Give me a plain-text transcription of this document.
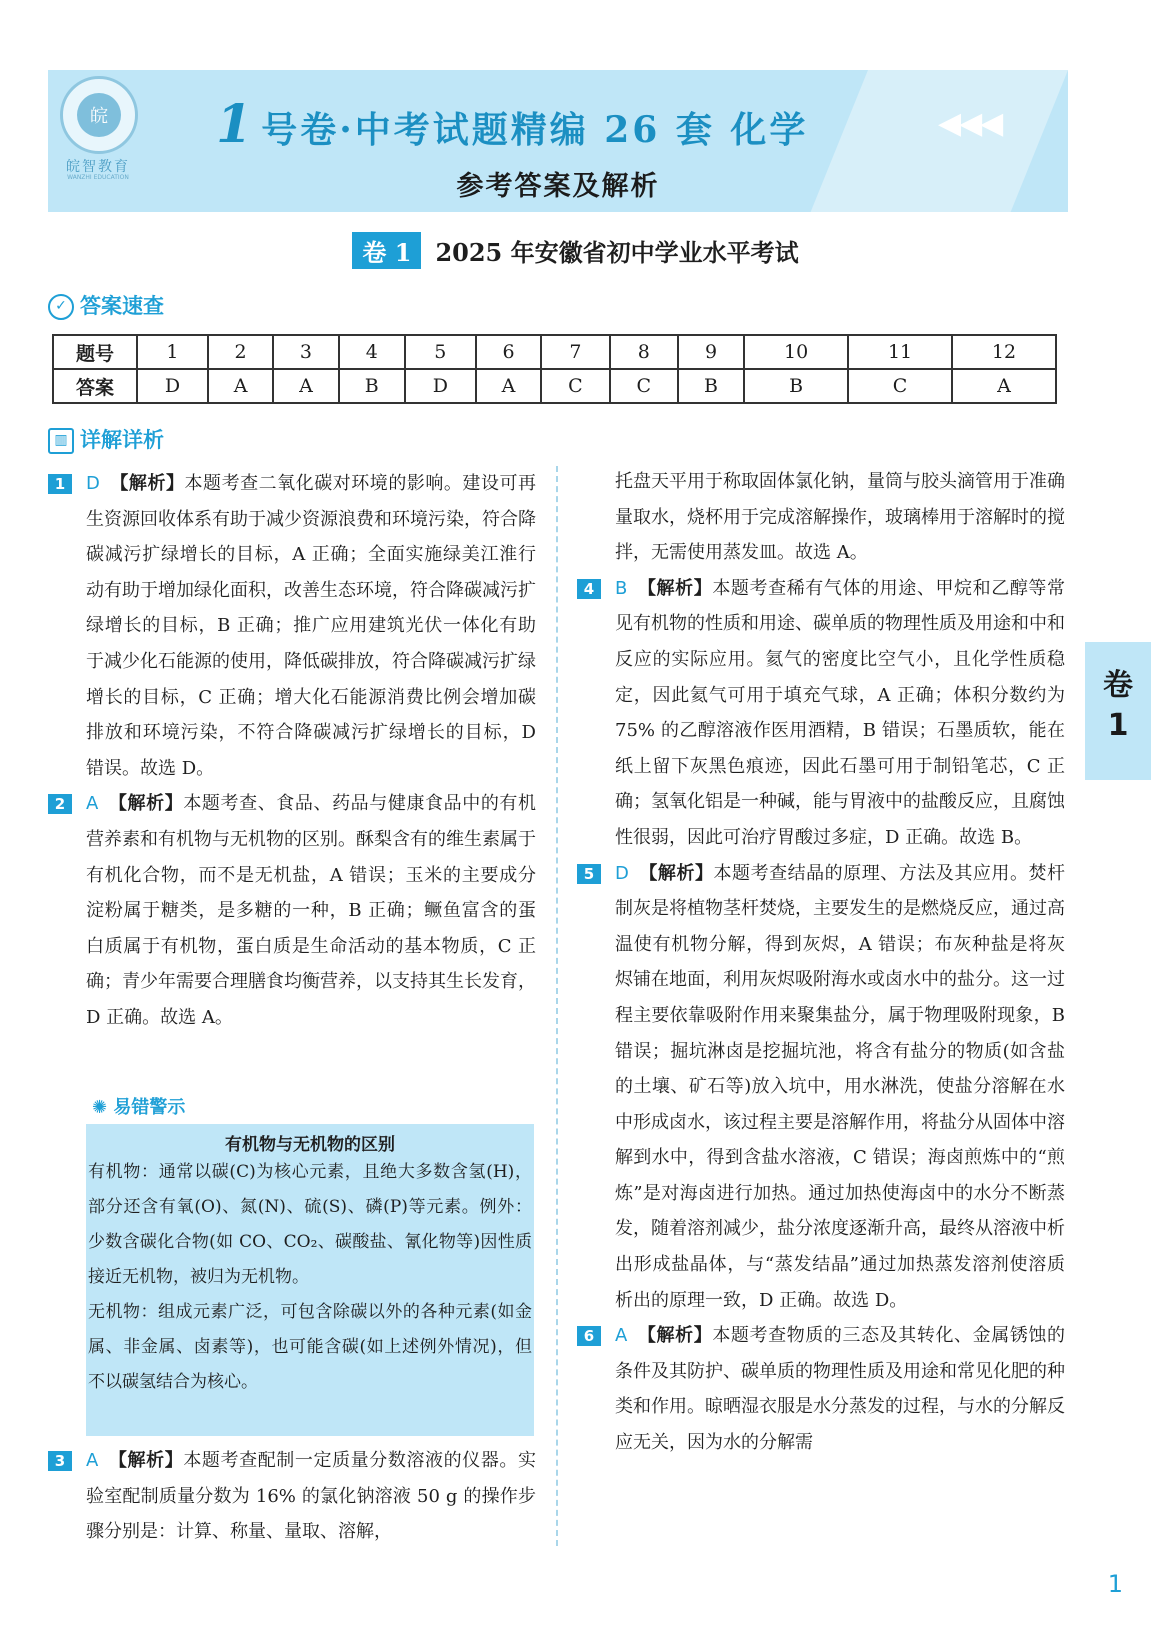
皖
皖智教育
WANZHI EDUCATION
1 号卷·中考试题精编 26 套 化学	◀◀◀
参考答案及解析
卷 1 2025 年安徽省初中学业水平考试
✓ 答案速查
题号	1	2	3	4	5	6	7	8	9	10	11	12
答案	D	A	A	B	D	A	C	C	B	B	C	A
▥ 详解详析

1	D 【解析】本题考查二氧化碳对环境的影响。建设可再生资源回收体系有助于减少资源浪费和环境污染，符合降碳减污扩绿增长的目标，A 正确；全面实施绿美江淮行动有助于增加绿化面积，改善生态环境，符合降碳减污扩绿增长的目标，B 正确；推广应用建筑光伏一体化有助于减少化石能源的使用，降低碳排放，符合降碳减污扩绿增长的目标，C 正确；增大化石能源消费比例会增加碳排放和环境污染，不符合降碳减污扩绿增长的目标，D 错误。故选 D。

2	A 【解析】本题考查、食品、药品与健康食品中的有机营养素和有机物与无机物的区别。酥梨含有的维生素属于有机化合物，而不是无机盐，A 错误；玉米的主要成分淀粉属于糖类，是多糖的一种，B 正确；鳜鱼富含的蛋白质属于有机物，蛋白质是生命活动的基本物质，C 正确；青少年需要合理膳食均衡营养，以支持其生长发育，D 正确。故选 A。

✺ 易错警示
有机物与无机物的区别
有机物：通常以碳(C)为核心元素，且绝大多数含氢(H)，部分还含有氧(O)、氮(N)、硫(S)、磷(P)等元素。例外：少数含碳化合物(如 CO、CO₂、碳酸盐、氰化物等)因性质接近无机物，被归为无机物。
无机物：组成元素广泛，可包含除碳以外的各种元素(如金属、非金属、卤素等)，也可能含碳(如上述例外情况)，但不以碳氢结合为核心。

3	A 【解析】本题考查配制一定质量分数溶液的仪器。实验室配制质量分数为 16% 的氯化钠溶液 50 g 的操作步骤分别是：计算、称量、量取、溶解，

托盘天平用于称取固体氯化钠，量筒与胶头滴管用于准确量取水，烧杯用于完成溶解操作，玻璃棒用于溶解时的搅拌，无需使用蒸发皿。故选 A。

4	B 【解析】本题考查稀有气体的用途、甲烷和乙醇等常见有机物的性质和用途、碳单质的物理性质及用途和中和反应的实际应用。氦气的密度比空气小，且化学性质稳定，因此氦气可用于填充气球，A 正确；体积分数约为 75% 的乙醇溶液作医用酒精，B 错误；石墨质软，能在纸上留下灰黑色痕迹，因此石墨可用于制铅笔芯，C 正确；氢氧化铝是一种碱，能与胃液中的盐酸反应，且腐蚀性很弱，因此可治疗胃酸过多症，D 正确。故选 B。

5	D 【解析】本题考查结晶的原理、方法及其应用。焚杆制灰是将植物茎杆焚烧，主要发生的是燃烧反应，通过高温使有机物分解，得到灰烬，A 错误；布灰种盐是将灰烬铺在地面，利用灰烬吸附海水或卤水中的盐分。这一过程主要依靠吸附作用来聚集盐分，属于物理吸附现象，B 错误；掘坑淋卤是挖掘坑池，将含有盐分的物质(如含盐的土壤、矿石等)放入坑中，用水淋洗，使盐分溶解在水中形成卤水，该过程主要是溶解作用，将盐分从固体中溶解到水中，得到含盐水溶液，C 错误；海卤煎炼中的“煎炼”是对海卤进行加热。通过加热使海卤中的水分不断蒸发，随着溶剂减少，盐分浓度逐渐升高，最终从溶液中析出形成盐晶体，与“蒸发结晶”通过加热蒸发溶剂使溶质析出的原理一致，D 正确。故选 D。

6	A 【解析】本题考查物质的三态及其转化、金属锈蚀的条件及其防护、碳单质的物理性质及用途和常见化肥的种类和作用。晾晒湿衣服是水分蒸发的过程，与水的分解反应无关，因为水的分解需

卷
1
1
